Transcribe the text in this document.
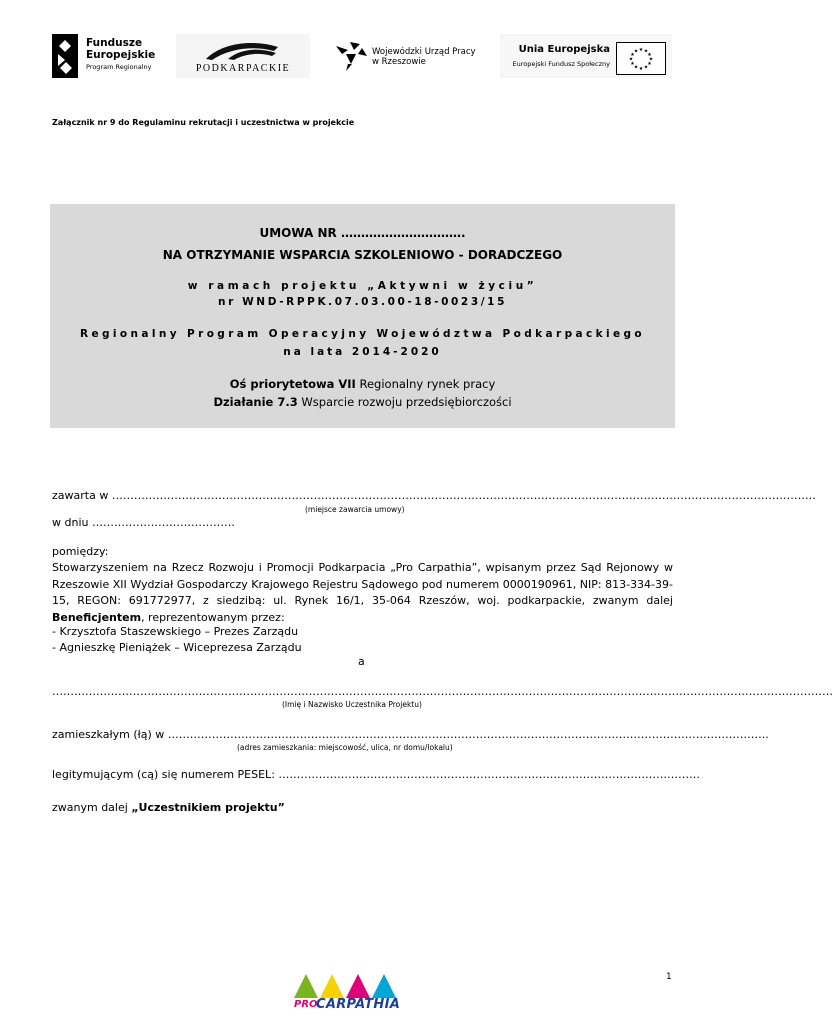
Fundusze
Europejskie
Program Regionalny	PODKARPACKIE
Wojewódzki Urząd Pracy
w Rzeszowie
Unia Europejska
Europejski Fundusz Społeczny
★ ★
★
★
★
★
★
★
★
★
★
★
Załącznik nr 9 do Regulaminu rekrutacji i uczestnictwa w projekcie
UMOWA NR ………………………….
NA OTRZYMANIE WSPARCIA SZKOLENIOWO - DORADCZEGO
w ramach projektu „Aktywni w życiu”
nr WND-RPPK.07.03.00-18-0023/15
Regionalny Program Operacyjny Województwa Podkarpackiego
na lata 2014-2020
Oś priorytetowa VII Regionalny rynek pracy
Działanie 7.3 Wsparcie rozwoju przedsiębiorczości
zawarta w …………………………………………………………………………………………………………………………………………………………………………
(miejsce zawarcia umowy)
w dniu …………………………………
pomiędzy:
Stowarzyszeniem na Rzecz Rozwoju i Promocji Podkarpacia „Pro Carpathia”, wpisanym przez Sąd Rejonowy w Rzeszowie XII Wydział Gospodarczy Krajowego Rejestru Sądowego pod numerem 0000190961, NIP: 813-334-39-15, REGON: 691772977, z siedzibą: ul. Rynek 16/1, 35-064 Rzeszów, woj. podkarpackie, zwanym dalej Beneficjentem, reprezentowanym przez:
- Krzysztofa Staszewskiego – Prezes Zarządu
- Agnieszkę Pieniążek – Wiceprezesa Zarządu
a
……………………………………………………………………………………………………………………………………………………………………………………………
(Imię i Nazwisko Uczestnika Projektu)
zamieszkałym (łą) w ………………………………………………………………………………………………………………………………………………..
(adres zamieszkania: miejscowość, ulica, nr domu/lokalu)
legitymującym (cą) się numerem PESEL: …………………………………………………………………………………………………….
zwanym dalej „Uczestnikiem projektu”
1
PRO
CARPATHIA
